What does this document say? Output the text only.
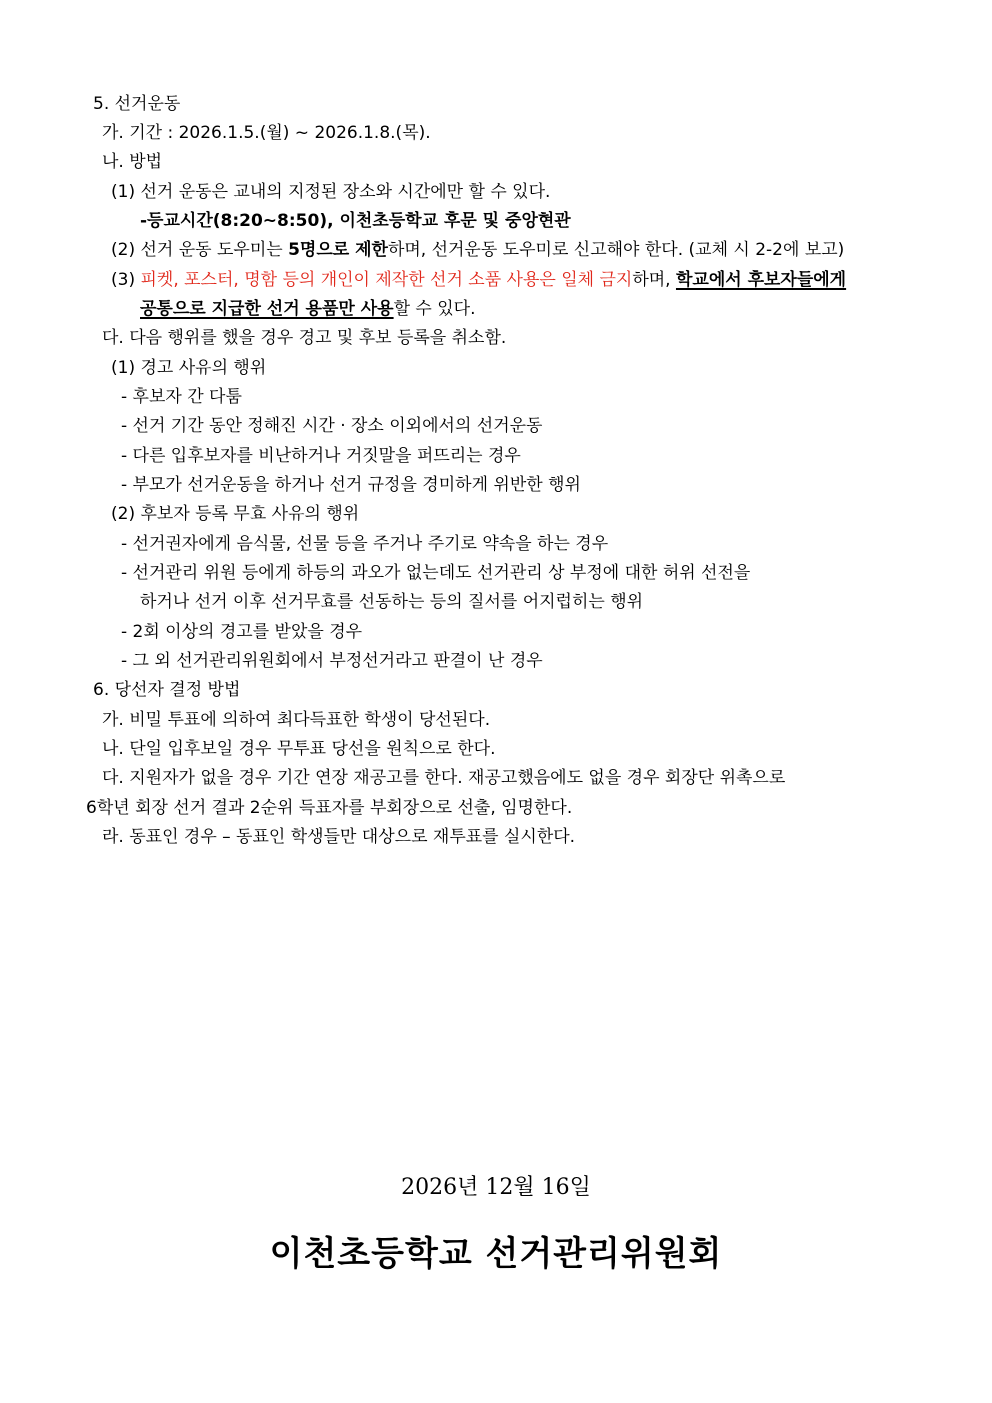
5. 선거운동
가. 기간 : 2026.1.5.(월) ~ 2026.1.8.(목).
나. 방법
(1) 선거 운동은 교내의 지정된 장소와 시간에만 할 수 있다.
-등교시간(8:20~8:50), 이천초등학교 후문 및 중앙현관
(2) 선거 운동 도우미는 5명으로 제한하며, 선거운동 도우미로 신고해야 한다. (교체 시 2-2에 보고)
(3) 피켓, 포스터, 명함 등의 개인이 제작한 선거 소품 사용은 일체 금지하며, 학교에서 후보자들에게
공통으로 지급한 선거 용품만 사용할 수 있다.
다. 다음 행위를 했을 경우 경고 및 후보 등록을 취소함.
(1) 경고 사유의 행위
- 후보자 간 다툼
- 선거 기간 동안 정해진 시간 · 장소 이외에서의 선거운동
- 다른 입후보자를 비난하거나 거짓말을 퍼뜨리는 경우
- 부모가 선거운동을 하거나 선거 규정을 경미하게 위반한 행위
(2) 후보자 등록 무효 사유의 행위
- 선거권자에게 음식물, 선물 등을 주거나 주기로 약속을 하는 경우
- 선거관리 위원 등에게 하등의 과오가 없는데도 선거관리 상 부정에 대한 허위 선전을
하거나 선거 이후 선거무효를 선동하는 등의 질서를 어지럽히는 행위
- 2회 이상의 경고를 받았을 경우
- 그 외 선거관리위원회에서 부정선거라고 판결이 난 경우
6. 당선자 결정 방법
가. 비밀 투표에 의하여 최다득표한 학생이 당선된다.
나. 단일 입후보일 경우 무투표 당선을 원칙으로 한다.
다. 지원자가 없을 경우 기간 연장 재공고를 한다. 재공고했음에도 없을 경우 회장단 위촉으로
6학년 회장 선거 결과 2순위 득표자를 부회장으로 선출, 임명한다.
라. 동표인 경우 – 동표인 학생들만 대상으로 재투표를 실시한다.
2026년 12월 16일
이천초등학교 선거관리위원회
